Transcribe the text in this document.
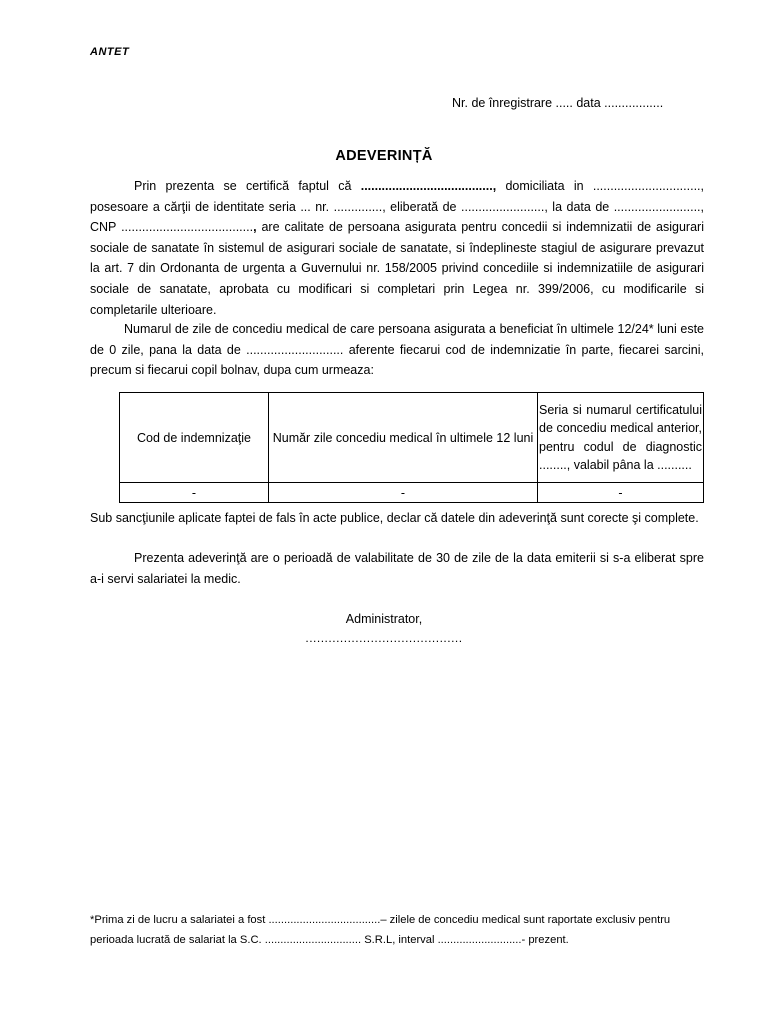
ANTET
Nr. de înregistrare ..... data .................
ADEVERINȚĂ
Prin prezenta se certifică faptul că ......................................, domiciliata in ..............................., posesoare a cărţii de identitate seria ... nr. .............., eliberată de ........................, la data de ........................., CNP ......................................, are calitate de persoana asigurata pentru concedii si indemnizatii de asigurari sociale de sanatate în sistemul de asigurari sociale de sanatate, si îndeplineste stagiul de asigurare prevazut la art. 7 din Ordonanta de urgenta a Guvernului nr. 158/2005 privind concediile si indemnizatiile de asigurari sociale de sanatate, aprobata cu modificari si completari prin Legea nr. 399/2006, cu modificarile si completarile ulterioare.
Numarul de zile de concediu medical de care persoana asigurata a beneficiat în ultimele 12/24* luni este de 0 zile, pana la data de ............................ aferente fiecarui cod de indemnizatie în parte, fiecarei sarcini, precum si fiecarui copil bolnav, dupa cum urmeaza:
Cod de indemnizaţie	Număr zile concediu medical în ultimele 12 luni	Seria si numarul certificatului de concediu medical anterior, pentru codul de diagnostic ........, valabil pâna la ..........
-	-	-
Sub sancţiunile aplicate faptei de fals în acte publice, declar că datele din adeverinţă sunt corecte şi complete.
Prezenta adeverinţă are o perioadă de valabilitate de 30 de zile de la data emiterii si s-a eliberat spre a-i servi salariatei la medic.
Administrator,
.........................................
*Prima zi de lucru a salariatei a fost ....................................– zilele de concediu medical sunt raportate exclusiv pentru
perioada lucrată de salariat la S.C. ............................... S.R.L, interval ...........................- prezent.
